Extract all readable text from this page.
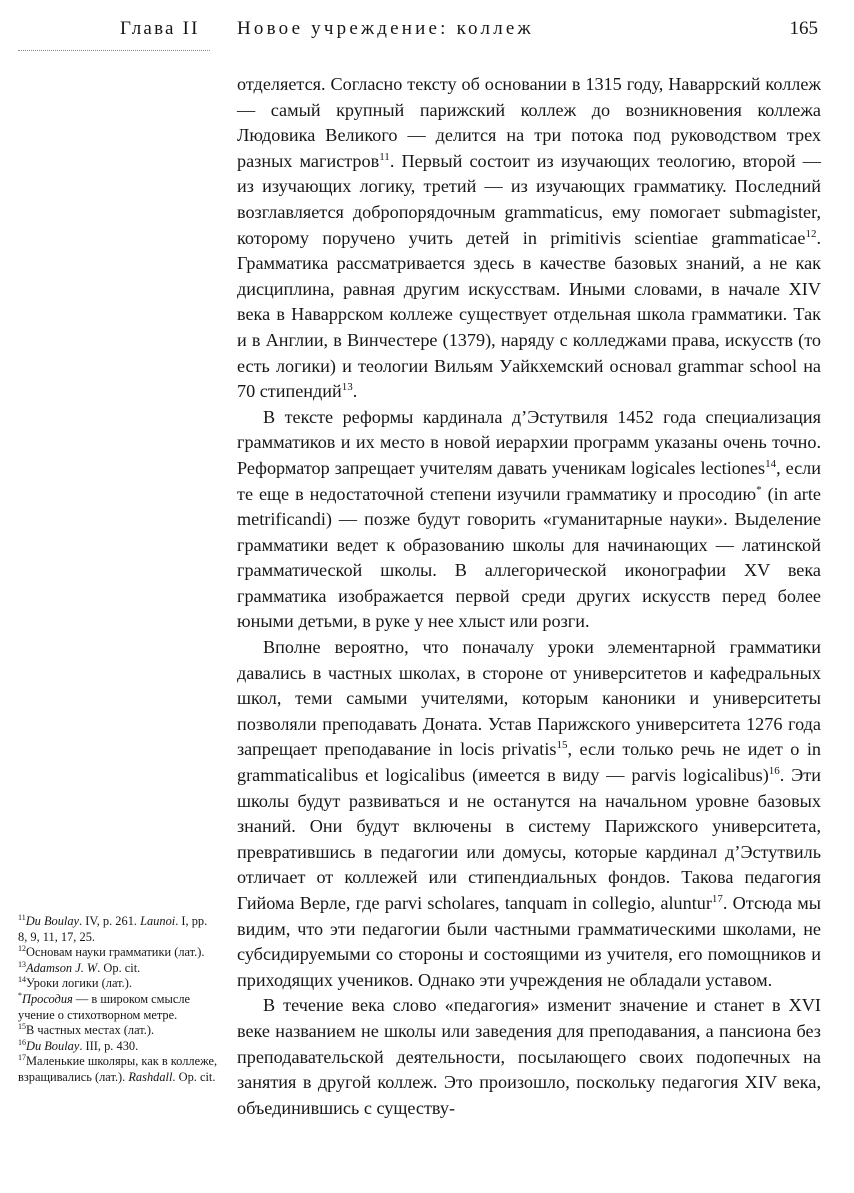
Глава II Новое учреждение: коллеж	165

отделяется. Согласно тексту об основании в 1315 году, Наваррский коллеж — самый крупный парижский коллеж до возникновения коллежа Людовика Великого — делится на три потока под руководством трех разных магистров$^{11}$. Первый состоит из изучающих теологию, второй — из изучающих логику, третий — из изучающих грамматику. Последний возглавляется добропорядочным grammaticus, ему помогает submagister, которому поручено учить детей in primitivis scientiae grammaticae$^{12}$. Грамматика рассматривается здесь в качестве базовых знаний, а не как дисциплина, равная другим искусствам. Иными словами, в начале XIV века в Наваррском коллеже существует отдельная школа грамматики. Так и в Англии, в Винчестере (1379), наряду с колледжами права, искусств (то есть логики) и теологии Вильям Уайкхемский основал grammar school на 70 стипендий$^{13}$.

В тексте реформы кардинала д’Эстутвиля 1452 года специализация грамматиков и их место в новой иерархии программ указаны очень точно. Реформатор запрещает учителям давать ученикам logicales lectiones$^{14}$, если те еще в недостаточной степени изучили грамматику и просодию* (in arte metrificandi) — позже будут говорить «гуманитарные науки». Выделение грамматики ведет к образованию школы для начинающих — латинской грамматической школы. В аллегорической иконографии XV века грамматика изображается первой среди других искусств перед более юными детьми, в руке у нее хлыст или розги.

Вполне вероятно, что поначалу уроки элементарной грамматики давались в частных школах, в стороне от университетов и кафедральных школ, теми самыми учителями, которым каноники и университеты позволяли преподавать Доната. Устав Парижского университета 1276 года запрещает преподавание in locis privatis$^{15}$, если только речь не идет о in grammaticalibus et logicalibus (имеется в виду — parvis logicalibus)$^{16}$. Эти школы будут развиваться и не останутся на начальном уровне базовых знаний. Они будут включены в систему Парижского университета, превратившись в педагогии или домусы, которые кардинал д’Эстутвиль отличает от коллежей или стипендиальных фондов. Такова педагогия Гийома Верле, где parvi scholares, tanquam in collegio, aluntur$^{17}$. Отсюда мы видим, что эти педагогии были частными грамматическими школами, не субсидируемыми со стороны и состоящими из учителя, его помощников и приходящих учеников. Однако эти учреждения не обладали уставом.

В течение века слово «педагогия» изменит значение и станет в XVI веке названием не школы или заведения для преподавания, а пансиона без преподавательской деятельности, посылающего своих подопечных на занятия в другой коллеж. Это произошло, поскольку педагогия XIV века, объединившись с существу-

$^{11}$Du Boulay. IV, p. 261. Launoi. I, pp. 8, 9, 11, 17, 25.

$^{12}$Основам науки грамматики (лат.).

$^{13}$Adamson J. W. Op. cit.

$^{14}$Уроки логики (лат.).

*Просодия — в широком смысле учение о стихотворном метре.

$^{15}$В частных местах (лат.).

$^{16}$Du Boulay. III, p. 430.

$^{17}$Маленькие школяры, как в коллеже, взращивались (лат.). Rashdall. Op. cit.
